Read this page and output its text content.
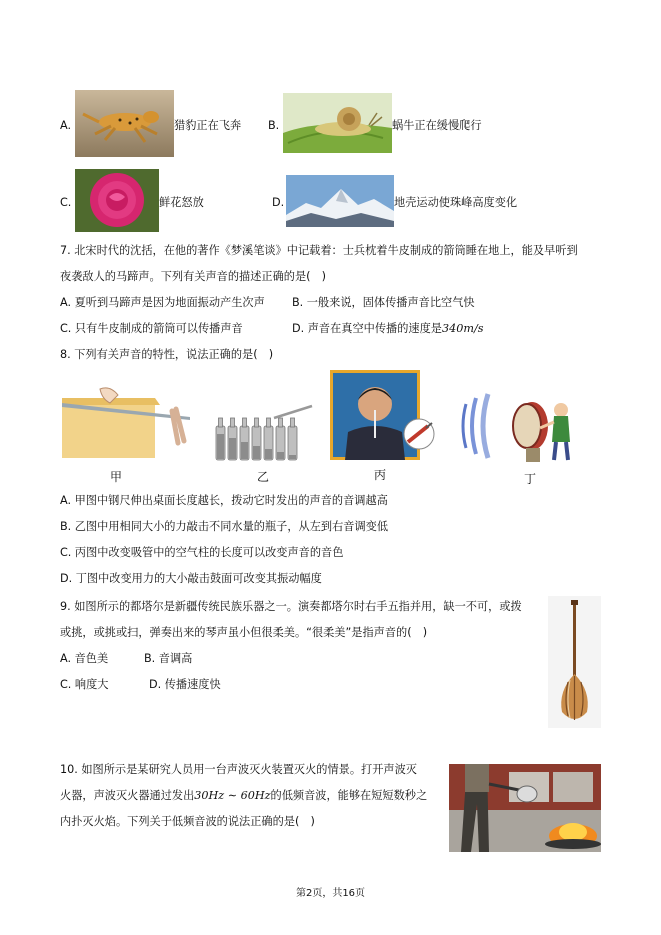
A.	猎豹正在飞奔 B.	蜗牛正在缓慢爬行
C.	鲜花怒放	D.	地壳运动使珠峰高度变化
7. 北宋时代的沈括，在他的著作《梦溪笔谈》中记载着：士兵枕着牛皮制成的箭筒睡在地上，能及早听到
夜袭敌人的马蹄声。下列有关声音的描述正确的是(　)
A. 夏听到马蹄声是因为地面振动产生次声 B. 一般来说，固体传播声音比空气快
C. 只有牛皮制成的箭筒可以传播声音	D. 声音在真空中传播的速度是340m/s
8. 下列有关声音的特性，说法正确的是(　)
甲	乙	丙	丁
A. 甲图中钢尺伸出桌面长度越长，拨动它时发出的声音的音调越高
B. 乙图中用相同大小的力敲击不同水量的瓶子，从左到右音调变低
C. 丙图中改变吸管中的空气柱的长度可以改变声音的音色
D. 丁图中改变用力的大小敲击鼓面可改变其振动幅度
9. 如图所示的都塔尔是新疆传统民族乐器之一。演奏都塔尔时右手五指并用，缺一不可，或拨
或挑，或挑或扫，弹奏出来的琴声虽小但很柔美。“很柔美”是指声音的(　)
A. 音色美	B. 音调高
C. 响度大	D. 传播速度快
10. 如图所示是某研究人员用一台声波灭火装置灭火的情景。打开声波灭
火器，声波灭火器通过发出30Hz ∼ 60Hz的低频音波，能够在短短数秒之
内扑灭火焰。下列关于低频音波的说法正确的是(　)
第2页，共16页
